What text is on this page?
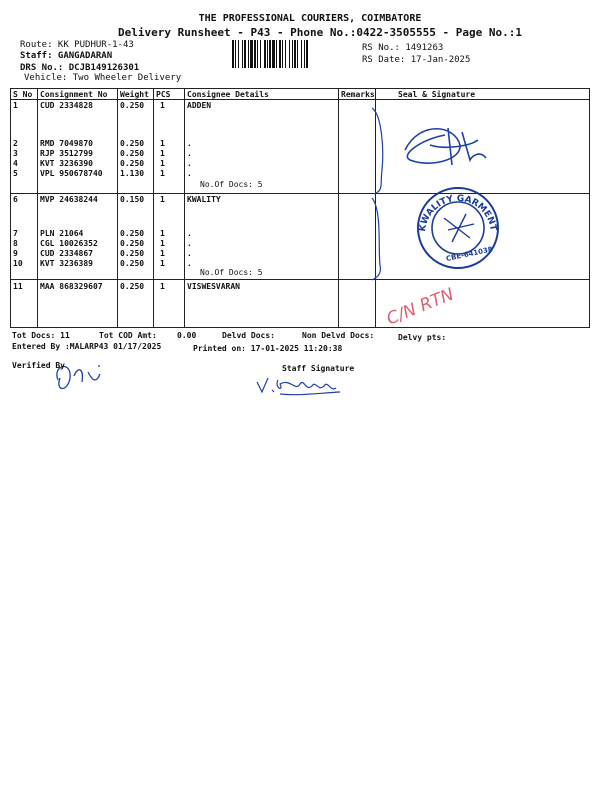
THE PROFESSIONAL COURIERS, COIMBATORE
Delivery Runsheet - P43 - Phone No.:0422-3505555 - Page No.:1
Route: KK PUDHUR-1-43
Staff: GANGADARAN
DRS No.: DCJB149126301
Vehicle: Two Wheeler Delivery
RS No.: 1491263
RS Date: 17-Jan-2025
S No Consignment No Weight PCS Consignee Details	Remarks	Seal & Signature
1	CUD 2334828	0.250 1	ADDEN
2	RMD 7049870	0.250 1	.
3	RJP 3512799	0.250 1	.
4	KVT 3236390	0.250 1	.
5	VPL 950678740 1.130 1	.
No.Of Docs: 5
6	MVP 24638244	0.150 1	KWALITY
7	PLN 21064	0.250 1	.
8	CGL 10026352	0.250 1	.
9	CUD 2334867	0.250 1	.
10 KVT 3236389	0.250 1	.
No.Of Docs: 5
11 MAA 868329607 0.250 1	VISWESVARAN
KWALITY GARMENTS
CBE-641038
C/N RTN
Tot Docs: 11	Tot COD Amt:	0.00	Delvd Docs:	Non Delvd Docs:	Delvy pts:
Entered By :MALARP43 01/17/2025	Printed on: 17-01-2025 11:20:38
Verified By	Staff Signature
